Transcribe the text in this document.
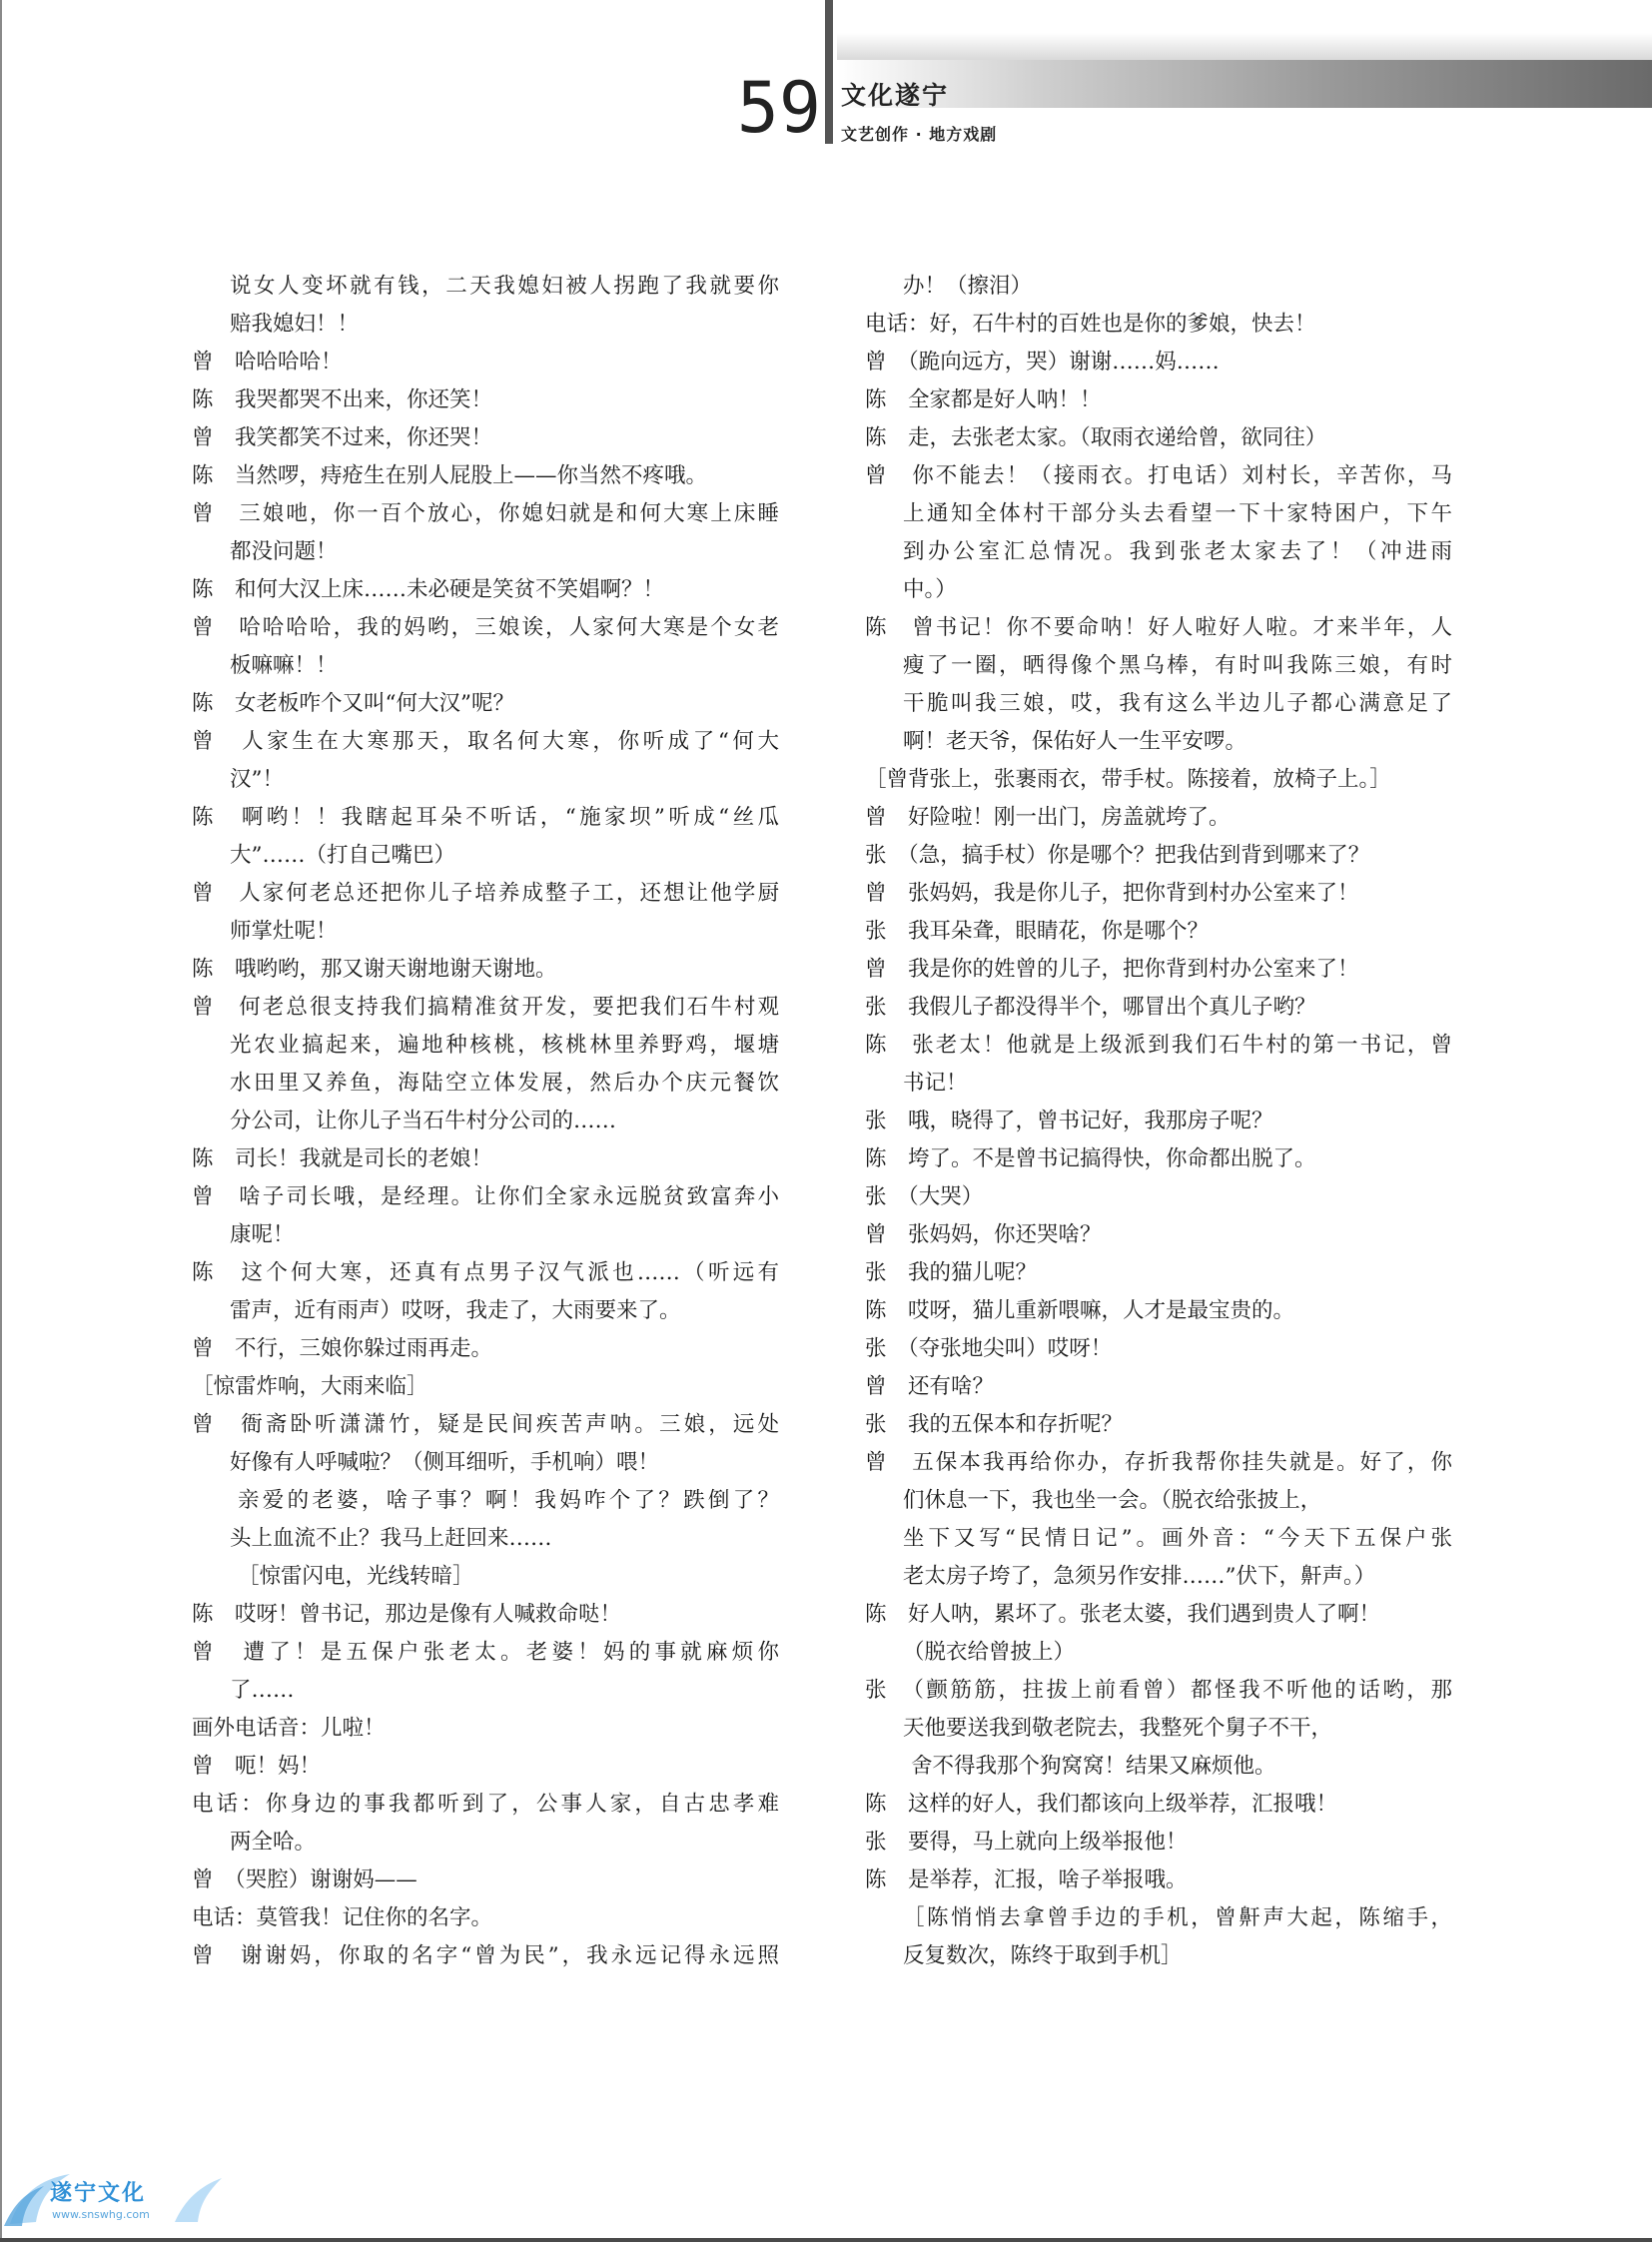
59 文化遂宁
文艺创作 · 地方戏剧
说女人变坏就有钱，二天我媳妇被人拐跑了我就要你
赔我媳妇！！
曾　哈哈哈哈！
陈　我哭都哭不出来，你还笑！
曾　我笑都笑不过来，你还哭！
陈　当然啰，痔疮生在别人屁股上——你当然不疼哦。
曾　三娘吔，你一百个放心，你媳妇就是和何大寒上床睡
都没问题！
陈　和何大汉上床……未必硬是笑贫不笑娼啊？！
曾　哈哈哈哈，我的妈哟，三娘诶，人家何大寒是个女老
板嘛嘛！！
陈　女老板咋个又叫“何大汉”呢？
曾　人家生在大寒那天，取名何大寒，你听成了“何大
汉”！
陈　啊哟！！我瞎起耳朵不听话，“施家坝”听成“丝瓜
大”……（打自己嘴巴）
曾　人家何老总还把你儿子培养成整子工，还想让他学厨
师掌灶呢！
陈　哦哟哟，那又谢天谢地谢天谢地。
曾　何老总很支持我们搞精准贫开发，要把我们石牛村观
光农业搞起来，遍地种核桃，核桃林里养野鸡，堰塘
水田里又养鱼，海陆空立体发展，然后办个庆元餐饮
分公司，让你儿子当石牛村分公司的……
陈　司长！我就是司长的老娘！
曾　啥子司长哦，是经理。让你们全家永远脱贫致富奔小
康呢！
陈　这个何大寒，还真有点男子汉气派也……（听远有
雷声，近有雨声）哎呀，我走了，大雨要来了。
曾　不行，三娘你躲过雨再走。
［惊雷炸响，大雨来临］
曾　衙斋卧听潇潇竹，疑是民间疾苦声呐。三娘，远处
好像有人呼喊啦？（侧耳细听，手机响）喂！
亲爱的老婆，啥子事？啊！我妈咋个了？跌倒了？
头上血流不止？我马上赶回来……
［惊雷闪电，光线转暗］
陈　哎呀！曾书记，那边是像有人喊救命哒！
曾　遭了！是五保户张老太。老婆！妈的事就麻烦你
了……
画外电话音：儿啦！
曾　呃！妈！
电话：你身边的事我都听到了，公事人家，自古忠孝难
两全哈。
曾　（哭腔）谢谢妈——
电话：莫管我！记住你的名字。
曾　谢谢妈，你取的名字“曾为民”，我永远记得永远照
办！（擦泪）
电话：好，石牛村的百姓也是你的爹娘，快去！
曾　（跪向远方，哭）谢谢……妈……
陈　全家都是好人呐！！
陈　走，去张老太家。（取雨衣递给曾，欲同往）
曾　你不能去！（接雨衣。打电话）刘村长，辛苦你，马
上通知全体村干部分头去看望一下十家特困户，下午
到办公室汇总情况。我到张老太家去了！（冲进雨
中。）
陈　曾书记！你不要命呐！好人啦好人啦。才来半年，人
瘦了一圈，晒得像个黑乌棒，有时叫我陈三娘，有时
干脆叫我三娘，哎，我有这么半边儿子都心满意足了
啊！老天爷，保佑好人一生平安啰。
［曾背张上，张裹雨衣，带手杖。陈接着，放椅子上。］
曾　好险啦！刚一出门，房盖就垮了。
张　（急，搞手杖）你是哪个？把我估到背到哪来了？
曾　张妈妈，我是你儿子，把你背到村办公室来了！
张　我耳朵聋，眼睛花，你是哪个？
曾　我是你的姓曾的儿子，把你背到村办公室来了！
张　我假儿子都没得半个，哪冒出个真儿子哟？
陈　张老太！他就是上级派到我们石牛村的第一书记，曾
书记！
张　哦，晓得了，曾书记好，我那房子呢？
陈　垮了。不是曾书记搞得快，你命都出脱了。
张　（大哭）
曾　张妈妈，你还哭啥？
张　我的猫儿呢？
陈　哎呀，猫儿重新喂嘛，人才是最宝贵的。
张　（夺张地尖叫）哎呀！
曾　还有啥？
张　我的五保本和存折呢？
曾　五保本我再给你办，存折我帮你挂失就是。好了，你
们休息一下，我也坐一会。（脱衣给张披上，
坐下又写“民情日记”。画外音：“今天下五保户张
老太房子垮了，急须另作安排……”伏下，鼾声。）
陈　好人呐，累坏了。张老太婆，我们遇到贵人了啊！
（脱衣给曾披上）
张　（颤筋筋，拄拔上前看曾）都怪我不听他的话哟，那
天他要送我到敬老院去，我整死个舅子不干，
舍不得我那个狗窝窝！结果又麻烦他。
陈　这样的好人，我们都该向上级举荐，汇报哦！
张　要得，马上就向上级举报他！
陈　是举荐，汇报，啥子举报哦。
［陈悄悄去拿曾手边的手机，曾鼾声大起，陈缩手，
反复数次，陈终于取到手机］
遂宁文化
www.snswhg.com
